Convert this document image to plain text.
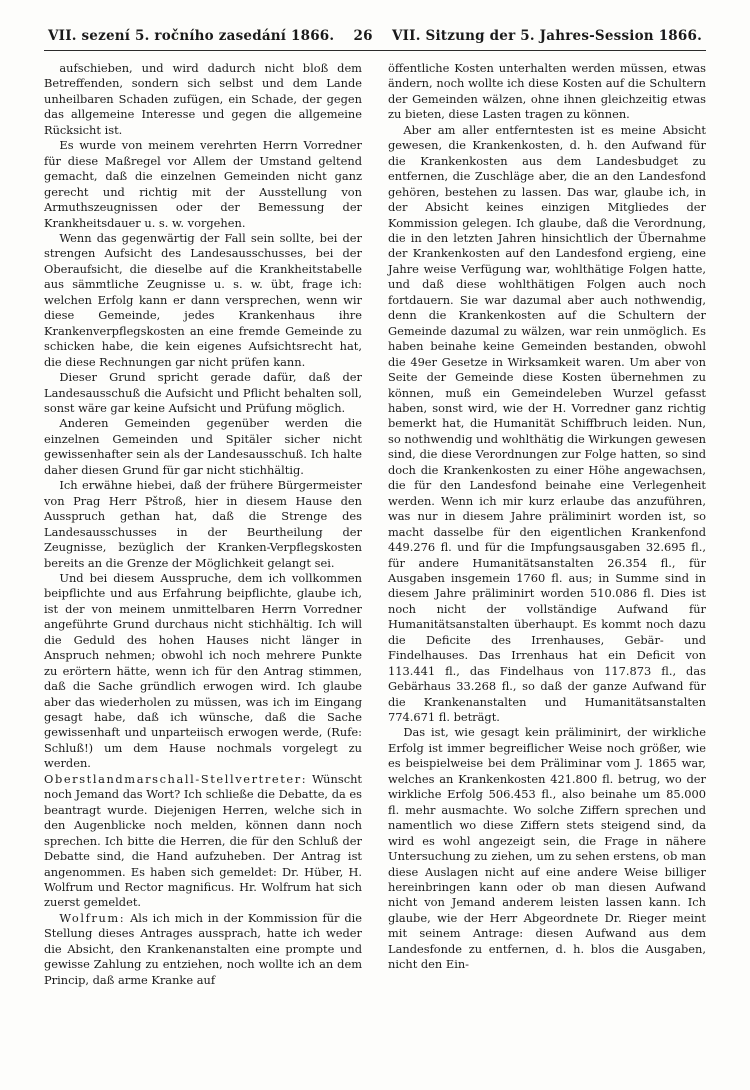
VII. sezení 5. ročního zasedání 1866.	26	VII. Sitzung der 5. Jahres-Session 1866.

aufschieben, und wird dadurch nicht bloß dem Betreffenden, sondern sich selbst und dem Lande unheilbaren Schaden zufügen, ein Schade, der gegen das allgemeine Interesse und gegen die allgemeine Rücksicht ist.

Es wurde von meinem verehrten Herrn Vorredner für diese Maßregel vor Allem der Umstand geltend gemacht, daß die einzelnen Gemeinden nicht ganz gerecht und richtig mit der Ausstellung von Armuthszeugnissen oder der Bemessung der Krankheitsdauer u. s. w. vorgehen.

Wenn das gegenwärtig der Fall sein sollte, bei der strengen Aufsicht des Landesausschusses, bei der Oberaufsicht, die dieselbe auf die Krankheitstabelle aus sämmtliche Zeugnisse u. s. w. übt, frage ich: welchen Erfolg kann er dann versprechen, wenn wir diese Gemeinde, jedes Krankenhaus ihre Krankenverpflegskosten an eine fremde Gemeinde zu schicken habe, die kein eigenes Aufsichtsrecht hat, die diese Rechnungen gar nicht prüfen kann.

Dieser Grund spricht gerade dafür, daß der Landesausschuß die Aufsicht und Pflicht behalten soll, sonst wäre gar keine Aufsicht und Prüfung möglich.

Anderen Gemeinden gegenüber werden die einzelnen Gemeinden und Spitäler sicher nicht gewissenhafter sein als der Landesausschuß. Ich halte daher diesen Grund für gar nicht stichhältig.

Ich erwähne hiebei, daß der frühere Bürgermeister von Prag Herr Pštroß, hier in diesem Hause den Ausspruch gethan hat, daß die Strenge des Landesausschusses in der Beurtheilung der Zeugnisse, bezüglich der Kranken-Verpflegskosten bereits an die Grenze der Möglichkeit gelangt sei.

Und bei diesem Ausspruche, dem ich vollkommen beipflichte und aus Erfahrung beipflichte, glaube ich, ist der von meinem unmittelbaren Herrn Vorredner angeführte Grund durchaus nicht stichhältig. Ich will die Geduld des hohen Hauses nicht länger in Anspruch nehmen; obwohl ich noch mehrere Punkte zu erörtern hätte, wenn ich für den Antrag stimmen, daß die Sache gründlich erwogen wird. Ich glaube aber das wiederholen zu müssen, was ich im Eingang gesagt habe, daß ich wünsche, daß die Sache gewissenhaft und unparteiisch erwogen werde, (Rufe: Schluß!) um dem Hause nochmals vorgelegt zu werden.

Oberstlandmarschall-Stellvertreter: Wünscht noch Jemand das Wort? Ich schließe die Debatte, da es beantragt wurde. Diejenigen Herren, welche sich in den Augenblicke noch melden, können dann noch sprechen. Ich bitte die Herren, die für den Schluß der Debatte sind, die Hand aufzuheben. Der Antrag ist angenommen. Es haben sich gemeldet: Dr. Hüber, H. Wolfrum und Rector magnificus. Hr. Wolfrum hat sich zuerst gemeldet.

Wolfrum: Als ich mich in der Kommission für die Stellung dieses Antrages aussprach, hatte ich weder die Absicht, den Krankenanstalten eine prompte und gewisse Zahlung zu entziehen, noch wollte ich an dem Princip, daß arme Kranke auf

öffentliche Kosten unterhalten werden müssen, etwas ändern, noch wollte ich diese Kosten auf die Schultern der Gemeinden wälzen, ohne ihnen gleichzeitig etwas zu bieten, diese Lasten tragen zu können.

Aber am aller entferntesten ist es meine Absicht gewesen, die Krankenkosten, d. h. den Aufwand für die Krankenkosten aus dem Landesbudget zu entfernen, die Zuschläge aber, die an den Landesfond gehören, bestehen zu lassen. Das war, glaube ich, in der Absicht keines einzigen Mitgliedes der Kommission gelegen. Ich glaube, daß die Verordnung, die in den letzten Jahren hinsichtlich der Übernahme der Krankenkosten auf den Landesfond ergieng, eine Jahre weise Verfügung war, wohlthätige Folgen hatte, und daß diese wohlthätigen Folgen auch noch fortdauern. Sie war dazumal aber auch nothwendig, denn die Krankenkosten auf die Schultern der Gemeinde dazumal zu wälzen, war rein unmöglich. Es haben beinahe keine Gemeinden bestanden, obwohl die 49er Gesetze in Wirksamkeit waren. Um aber von Seite der Gemeinde diese Kosten übernehmen zu können, muß ein Gemeindeleben Wurzel gefasst haben, sonst wird, wie der H. Vorredner ganz richtig bemerkt hat, die Humanität Schiffbruch leiden. Nun, so nothwendig und wohlthätig die Wirkungen gewesen sind, die diese Verordnungen zur Folge hatten, so sind doch die Krankenkosten zu einer Höhe angewachsen, die für den Landesfond beinahe eine Verlegenheit werden. Wenn ich mir kurz erlaube das anzuführen, was nur in diesem Jahre präliminirt worden ist, so macht dasselbe für den eigentlichen Krankenfond 449.276 fl. und für die Impfungsausgaben 32.695 fl., für andere Humanitätsanstalten 26.354 fl., für Ausgaben insgemein 1760 fl. aus; in Summe sind in diesem Jahre präliminirt worden 510.086 fl. Dies ist noch nicht der vollständige Aufwand für Humanitätsanstalten überhaupt. Es kommt noch dazu die Deficite des Irrenhauses, Gebär- und Findelhauses. Das Irrenhaus hat ein Deficit von 113.441 fl., das Findelhaus von 117.873 fl., das Gebärhaus 33.268 fl., so daß der ganze Aufwand für die Krankenanstalten und Humanitätsanstalten 774.671 fl. beträgt.

Das ist, wie gesagt kein präliminirt, der wirkliche Erfolg ist immer begreiflicher Weise noch größer, wie es beispielweise bei dem Präliminar vom J. 1865 war, welches an Krankenkosten 421.800 fl. betrug, wo der wirkliche Erfolg 506.453 fl., also beinahe um 85.000 fl. mehr ausmachte. Wo solche Ziffern sprechen und namentlich wo diese Ziffern stets steigend sind, da wird es wohl angezeigt sein, die Frage in nähere Untersuchung zu ziehen, um zu sehen erstens, ob man diese Auslagen nicht auf eine andere Weise billiger hereinbringen kann oder ob man diesen Aufwand nicht von Jemand anderem leisten lassen kann. Ich glaube, wie der Herr Abgeordnete Dr. Rieger meint mit seinem Antrage: diesen Aufwand aus dem Landesfonde zu entfernen, d. h. blos die Ausgaben, nicht den Ein-
